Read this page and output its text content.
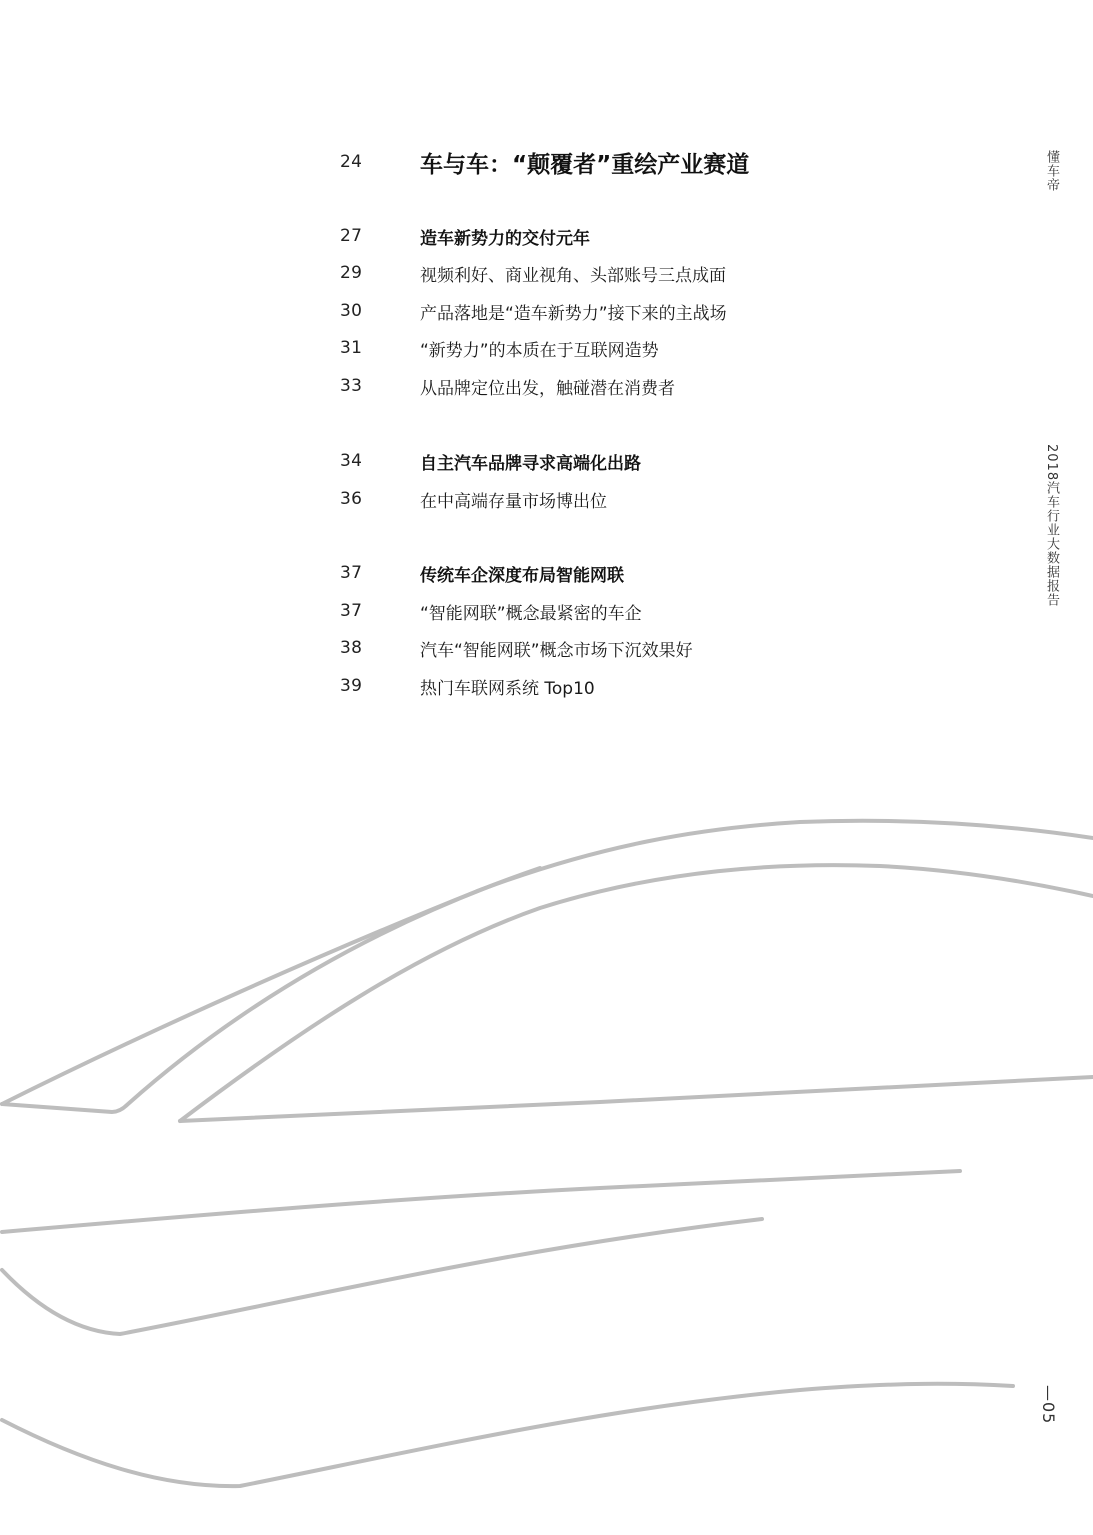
24	车与车：“颠覆者”重绘产业赛道
27	造车新势力的交付元年
29	视频利好、商业视角、头部账号三点成面
30	产品落地是“造车新势力”接下来的主战场
31	“新势力”的本质在于互联网造势
33	从品牌定位出发，触碰潜在消费者
34	自主汽车品牌寻求高端化出路
36	在中高端存量市场博出位
37	传统车企深度布局智能网联
37	“智能网联”概念最紧密的车企
38	汽车“智能网联”概念市场下沉效果好
39	热门车联网系统 Top10
懂车帝
2018汽车行业大数据报告
—05
